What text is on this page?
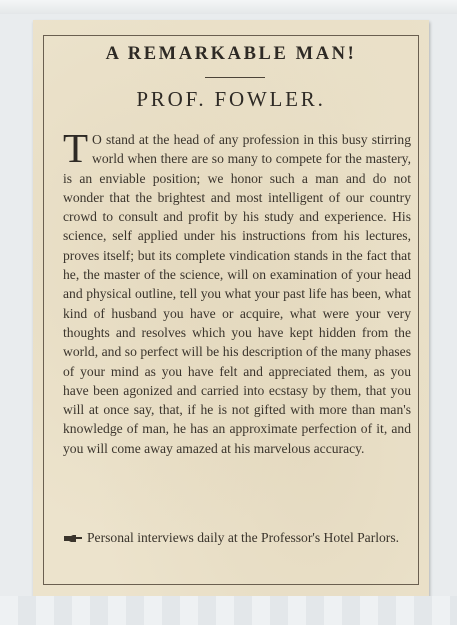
A REMARKABLE MAN!
PROF. FOWLER.
T O stand at the head of any profession in this busy stirring world when there are so many to compete for the mastery, is an enviable position; we honor such a man and do not wonder that the brightest and most intelligent of our country crowd to consult and profit by his study and experience. His science, self applied under his instructions from his lectures, proves itself; but its complete vindication stands in the fact that he, the master of the science, will on examination of your head and physical outline, tell you what your past life has been, what kind of husband you have or acquire, what were your very thoughts and resolves which you have kept hidden from the world, and so perfect will be his description of the many phases of your mind as you have felt and appreciated them, as you have been agonized and carried into ecstasy by them, that you will at once say, that, if he is not gifted with more than man's knowledge of man, he has an approximate perfection of it, and you will come away amazed at his marvelous accuracy.
Personal interviews daily at the Professor's Hotel Parlors.
